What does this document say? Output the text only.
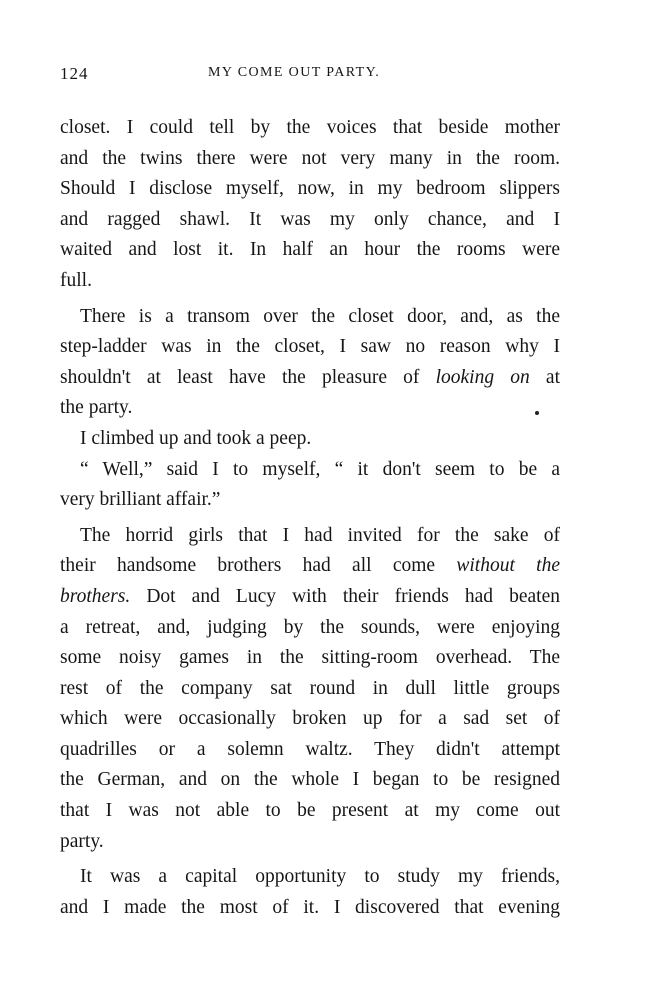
124	MY COME OUT PARTY.
closet. I could tell by the voices that beside mother
and the twins there were not very many in the room.
Should I disclose myself, now, in my bedroom slippers
and ragged shawl. It was my only chance, and I
waited and lost it. In half an hour the rooms were
full.
There is a transom over the closet door, and, as the
step-ladder was in the closet, I saw no reason why I
shouldn't at least have the pleasure of looking on at
the party.
I climbed up and took a peep.
“ Well,” said I to myself, “ it don't seem to be a
very brilliant affair.”
The horrid girls that I had invited for the sake of
their handsome brothers had all come without the
brothers. Dot and Lucy with their friends had beaten
a retreat, and, judging by the sounds, were enjoying
some noisy games in the sitting-room overhead. The
rest of the company sat round in dull little groups
which were occasionally broken up for a sad set of
quadrilles or a solemn waltz. They didn't attempt
the German, and on the whole I began to be resigned
that I was not able to be present at my come out
party.
It was a capital opportunity to study my friends,
and I made the most of it. I discovered that evening
